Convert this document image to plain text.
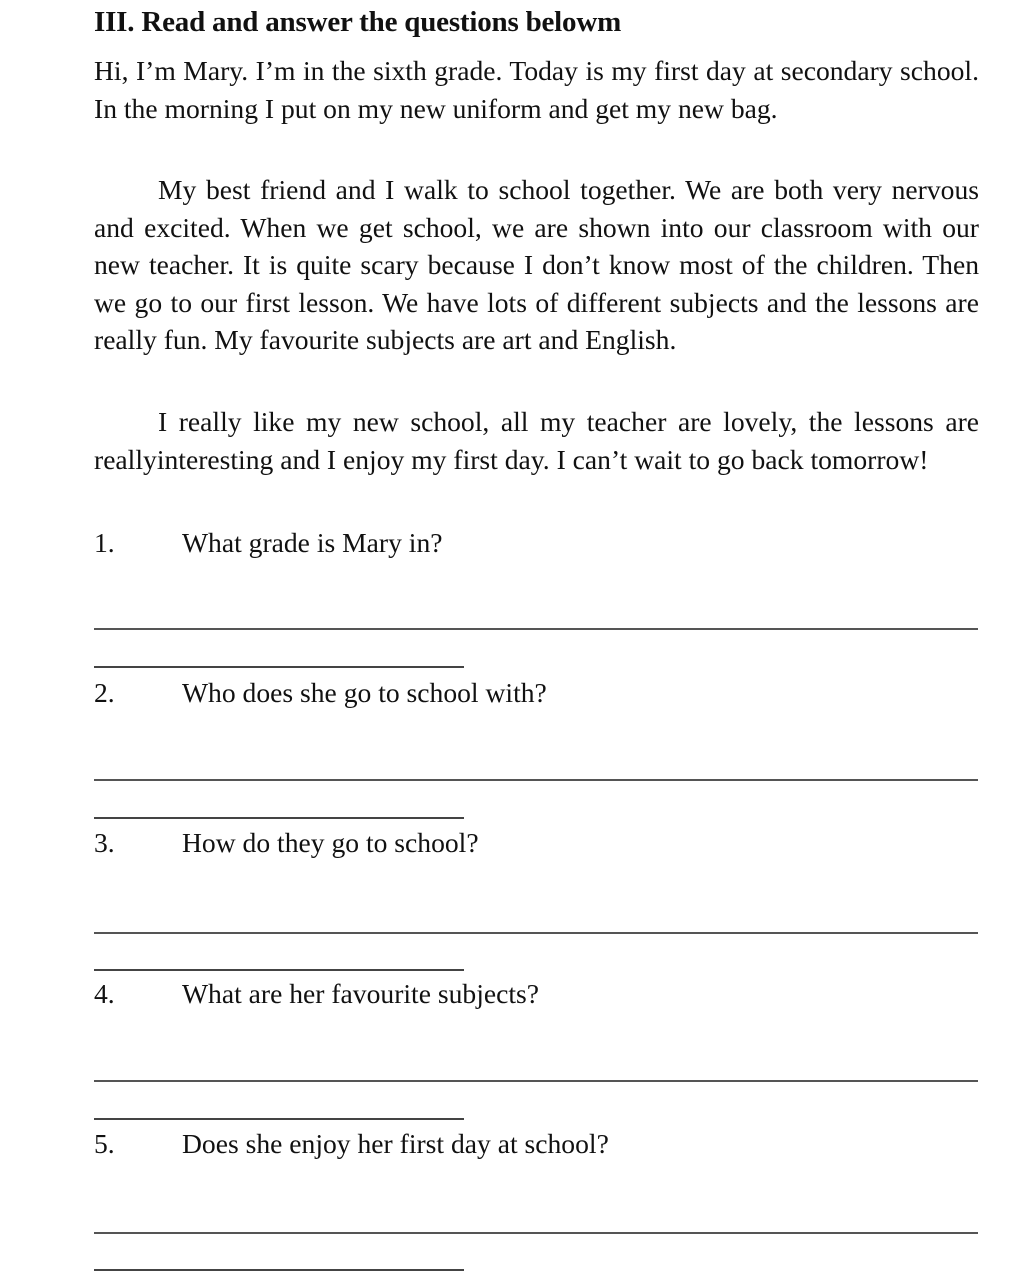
III. Read and answer the questions belowm

Hi, I’m Mary. I’m in the sixth grade. Today is my first day at secondary school. In the morning I put on my new uniform and get my new bag.

My best friend and I walk to school together. We are both very nervous and excited. When we get school, we are shown into our classroom with our new teacher. It is quite scary because I don’t know most of the children. Then we go to our first lesson. We have lots of different subjects and the lessons are really fun. My favourite subjects are art and English.

I really like my new school, all my teacher are lovely, the lessons are reallyinteresting and I enjoy my first day. I can’t wait to go back tomorrow!

1. What grade is Mary in?
2. Who does she go to school with?
3. How do they go to school?
4. What are her favourite subjects?
5. Does she enjoy her first day at school?
